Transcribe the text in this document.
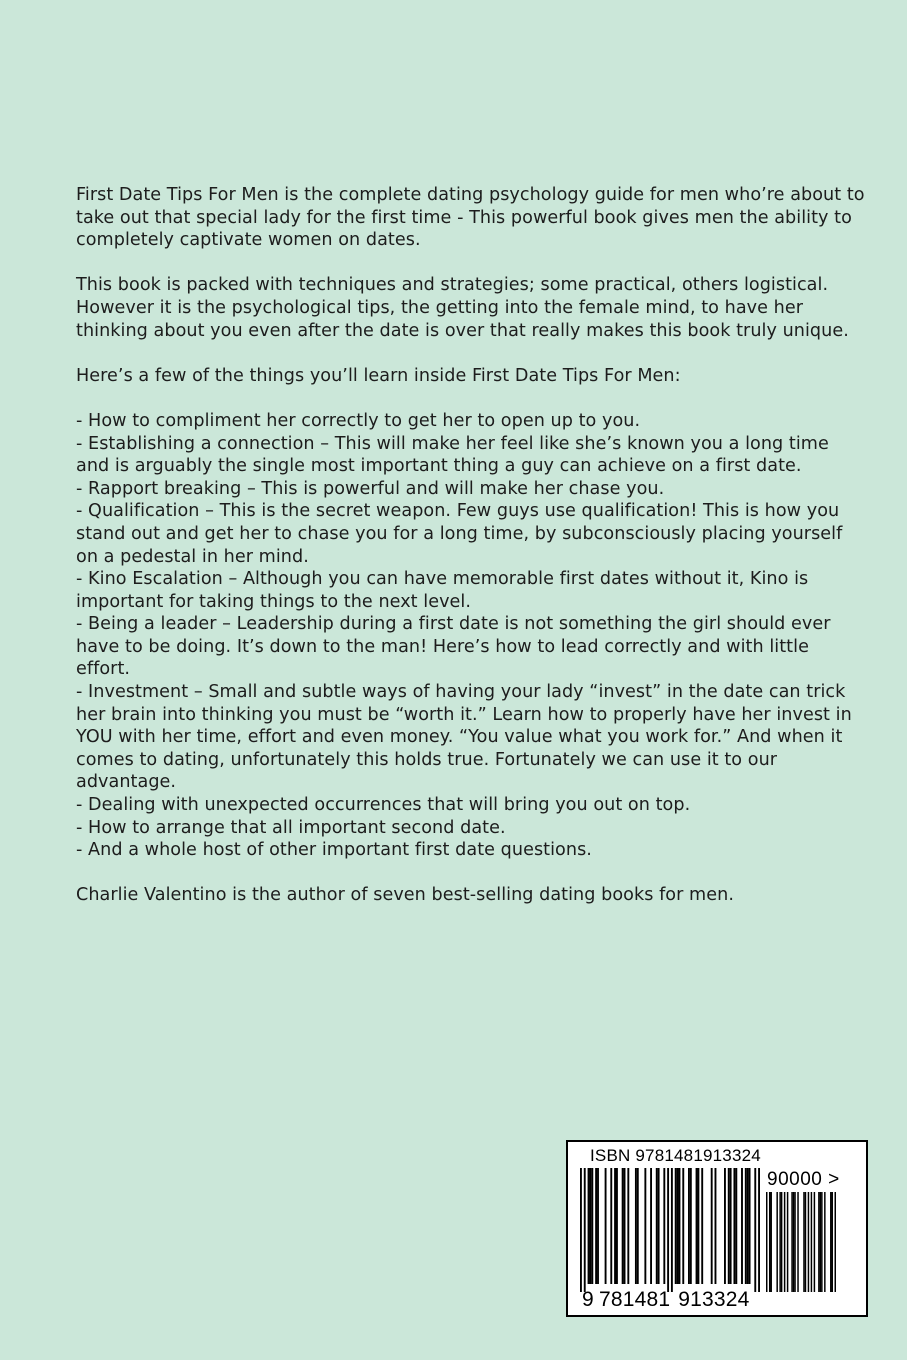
First Date Tips For Men is the complete dating psychology guide for men who’re about to take out that special lady for the first time - This powerful book gives men the ability to completely captivate women on dates.

This book is packed with techniques and strategies; some practical, others logistical. However it is the psychological tips, the getting into the female mind, to have her thinking about you even after the date is over that really makes this book truly unique.

Here’s a few of the things you’ll learn inside First Date Tips For Men:

- How to compliment her correctly to get her to open up to you.

- Establishing a connection – This will make her feel like she’s known you a long time and is arguably the single most important thing a guy can achieve on a first date.

- Rapport breaking – This is powerful and will make her chase you.

- Qualification – This is the secret weapon. Few guys use qualification! This is how you stand out and get her to chase you for a long time, by subconsciously placing yourself on a pedestal in her mind.

- Kino Escalation – Although you can have memorable first dates without it, Kino is important for taking things to the next level.

- Being a leader – Leadership during a first date is not something the girl should ever have to be doing. It’s down to the man! Here’s how to lead correctly and with little effort.

- Investment – Small and subtle ways of having your lady “invest” in the date can trick her brain into thinking you must be “worth it.” Learn how to properly have her invest in YOU with her time, effort and even money. “You value what you work for.” And when it comes to dating, unfortunately this holds true. Fortunately we can use it to our advantage.

- Dealing with unexpected occurrences that will bring you out on top.

- How to arrange that all important second date.

- And a whole host of other important first date questions.

Charlie Valentino is the author of seven best-selling dating books for men.

ISBN 9781481913324
90000 >
9 781481 913324
